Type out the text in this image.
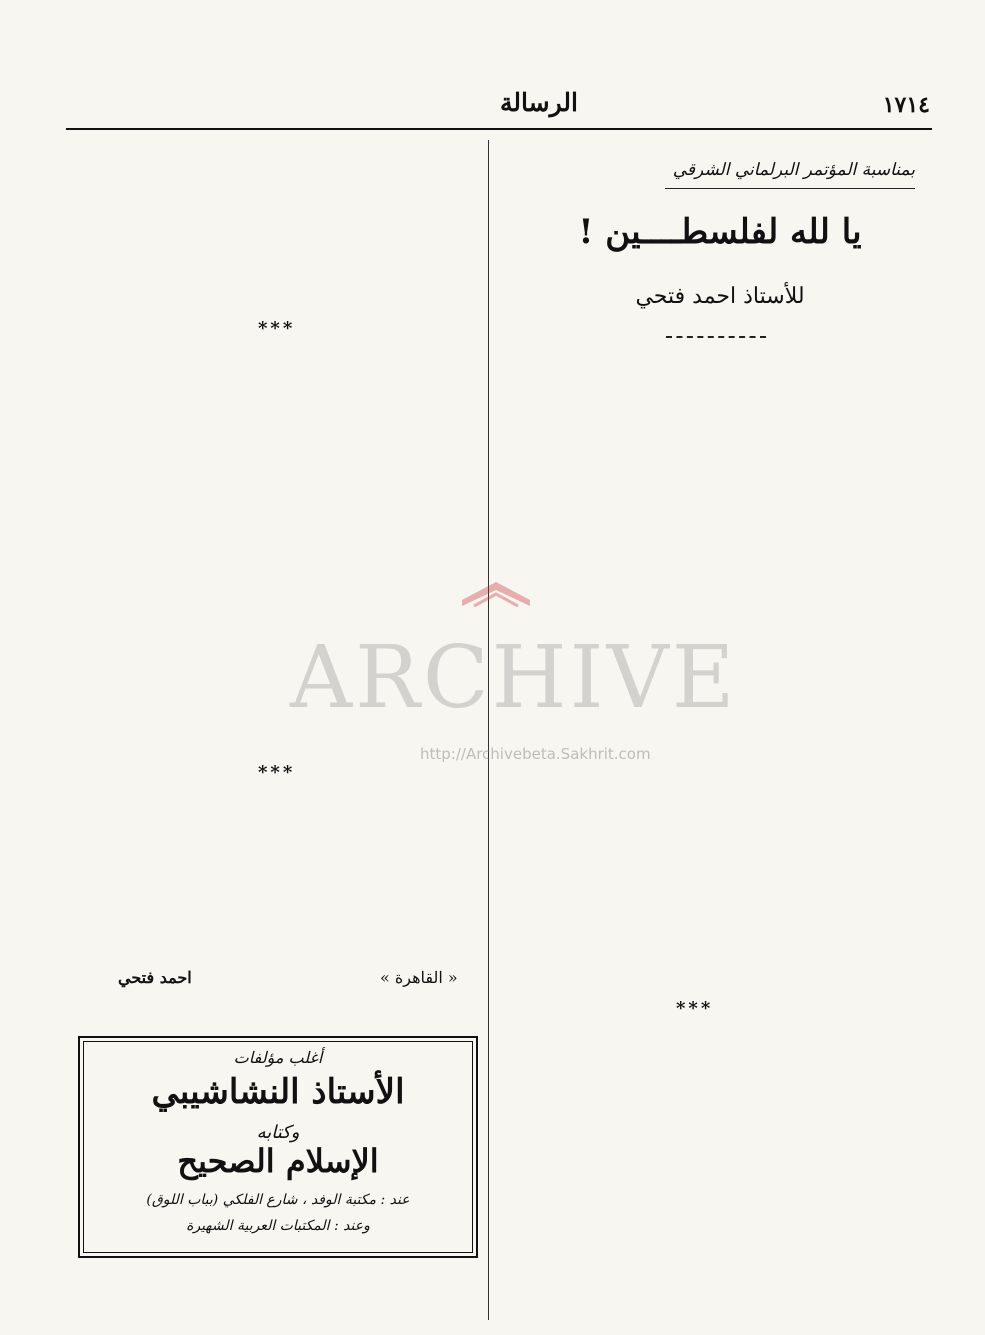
الرسالة	١٧١٤
بمناسبة المؤتمر البرلماني الشرقي
يا لله لفلسطــــين !
للأستاذ احمد فتحي
***
***
***
« القاهرة »
احمد فتحي
أغلب مؤلفات
الأستاذ النشاشيبي
وكتابه
الإسلام الصحيح
عند : مكتبة الوفد ، شارع الفلكي (بباب اللوق)
وعند : المكتبات العربية الشهيرة
ARCHIVE
http://Archivebeta.Sakhrit.com
